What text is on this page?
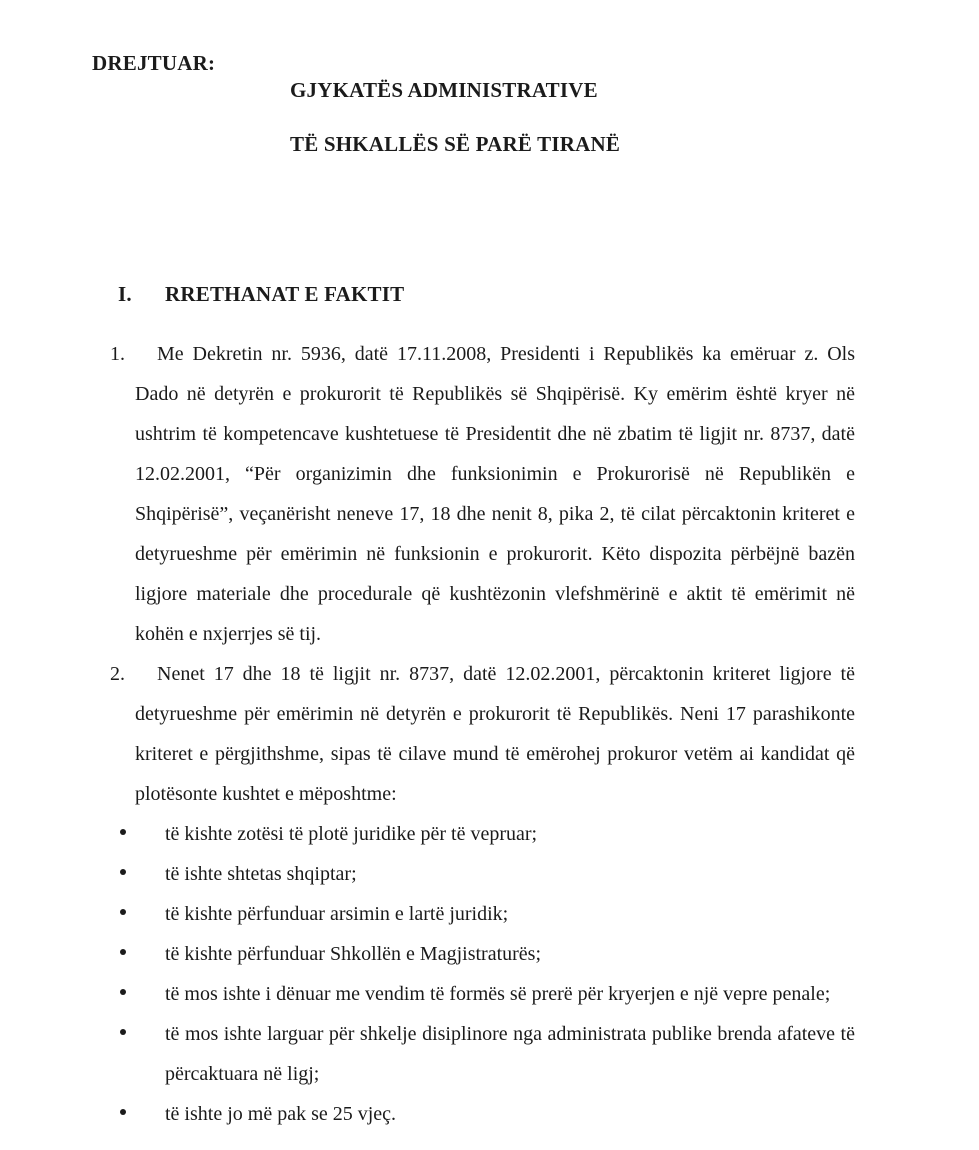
DREJTUAR:

GJYKATËS ADMINISTRATIVE

TË SHKALLËS SË PARË TIRANË

I.	RRETHANAT E FAKTIT
1. Me Dekretin nr. 5936, datë 17.11.2008, Presidenti i Republikës ka emëruar z. Ols Dado në detyrën e prokurorit të Republikës së Shqipërisë. Ky emërim është kryer në ushtrim të kompetencave kushtetuese të Presidentit dhe në zbatim të ligjit nr. 8737, datë 12.02.2001, “Për organizimin dhe funksionimin e Prokurorisë në Republikën e Shqipërisë”, veçanërisht neneve 17, 18 dhe nenit 8, pika 2, të cilat përcaktonin kriteret e detyrueshme për emërimin në funksionin e prokurorit. Këto dispozita përbëjnë bazën ligjore materiale dhe procedurale që kushtëzonin vlefshmërinë e aktit të emërimit në kohën e nxjerrjes së tij.
2. Nenet 17 dhe 18 të ligjit nr. 8737, datë 12.02.2001, përcaktonin kriteret ligjore të detyrueshme për emërimin në detyrën e prokurorit të Republikës. Neni 17 parashikonte kriteret e përgjithshme, sipas të cilave mund të emërohej prokuror vetëm ai kandidat që plotësonte kushtet e mëposhtme:
të kishte zotësi të plotë juridike për të vepruar;
të ishte shtetas shqiptar;
të kishte përfunduar arsimin e lartë juridik;
të kishte përfunduar Shkollën e Magjistraturës;
të mos ishte i dënuar me vendim të formës së prerë për kryerjen e një vepre penale;
të mos ishte larguar për shkelje disiplinore nga administrata publike brenda afateve të përcaktuara në ligj;
të ishte jo më pak se 25 vjeç.
